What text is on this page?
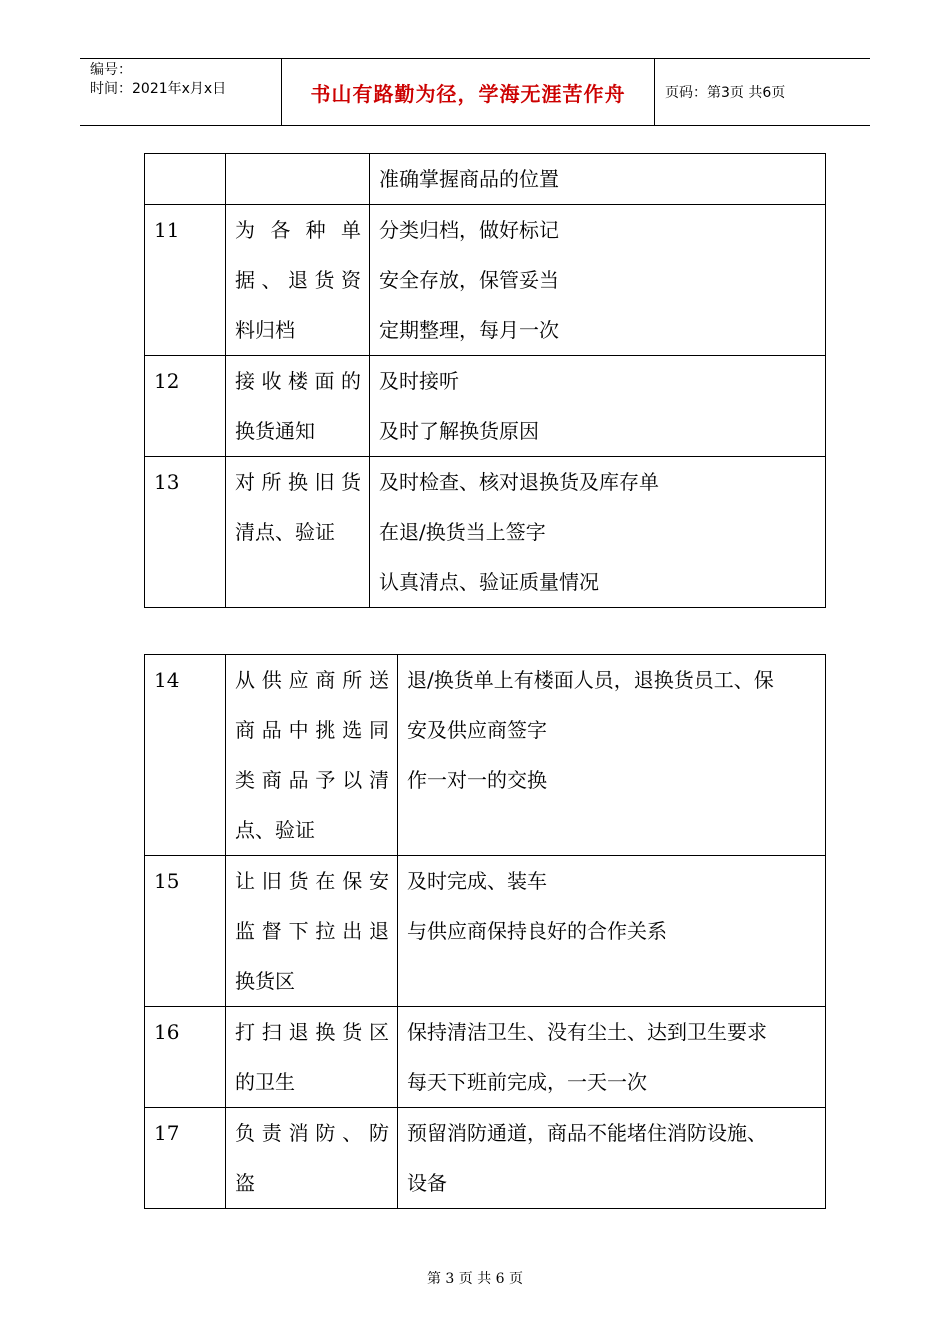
编号：
时间：2021年x月x日	书山有路勤为径，学海无涯苦作舟	页码：第3页 共6页

		准确掌握商品的位置

11	为各种单
据、退货资
料归档	分类归档，做好标记
安全存放，保管妥当
定期整理，每月一次

12	接收楼面的
换货通知	及时接听
及时了解换货原因

13	对所换旧货
清点、验证	及时检查、核对退换货及库存单
在退/换货当上签字
认真清点、验证质量情况
14	从供应商所送
商品中挑选同
类商品予以清
点、验证	退/换货单上有楼面人员，退换货员工、保
安及供应商签字
作一对一的交换

15	让旧货在保安
监督下拉出退
换货区	及时完成、装车
与供应商保持良好的合作关系

16	打扫退换货区
的卫生	保持清洁卫生、没有尘土、达到卫生要求
每天下班前完成，一天一次

17	负责消防、防
盗	预留消防通道，商品不能堵住消防设施、
设备
第 3 页 共 6 页
